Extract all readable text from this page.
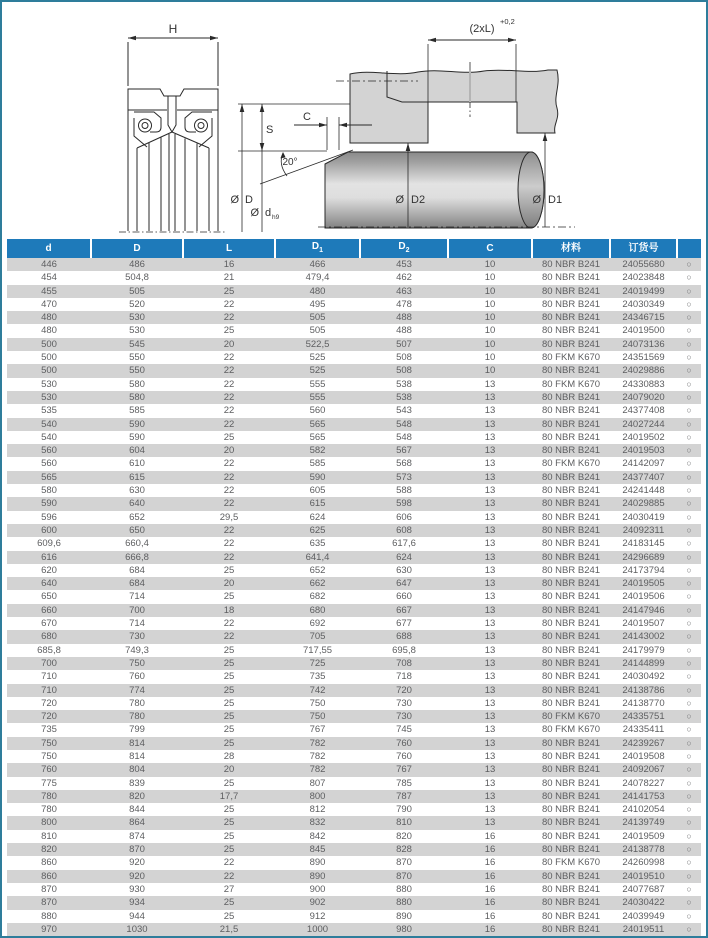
H	(2xL)
+0,2
C
S
20°
Ø D
Ø d h9
Ø D2	Ø D1
d	D	L	$D_1$	$D_2$	C	材料	订货号	
446	486	16	466	453	10	80 NBR B241	24055680	○
454	504,8	21	479,4	462	10	80 NBR B241	24023848	○
455	505	25	480	463	10	80 NBR B241	24019499	○
470	520	22	495	478	10	80 NBR B241	24030349	○
480	530	22	505	488	10	80 NBR B241	24346715	○
480	530	25	505	488	10	80 NBR B241	24019500	○
500	545	20	522,5	507	10	80 NBR B241	24073136	○
500	550	22	525	508	10	80 FKM K670	24351569	○
500	550	22	525	508	10	80 NBR B241	24029886	○
530	580	22	555	538	13	80 FKM K670	24330883	○
530	580	22	555	538	13	80 NBR B241	24079020	○
535	585	22	560	543	13	80 NBR B241	24377408	○
540	590	22	565	548	13	80 NBR B241	24027244	○
540	590	25	565	548	13	80 NBR B241	24019502	○
560	604	20	582	567	13	80 NBR B241	24019503	○
560	610	22	585	568	13	80 FKM K670	24142097	○
565	615	22	590	573	13	80 NBR B241	24377407	○
580	630	22	605	588	13	80 NBR B241	24241448	○
590	640	22	615	598	13	80 NBR B241	24029885	○
596	652	29,5	624	606	13	80 NBR B241	24030419	○
600	650	22	625	608	13	80 NBR B241	24092311	○
609,6	660,4	22	635	617,6	13	80 NBR B241	24183145	○
616	666,8	22	641,4	624	13	80 NBR B241	24296689	○
620	684	25	652	630	13	80 NBR B241	24173794	○
640	684	20	662	647	13	80 NBR B241	24019505	○
650	714	25	682	660	13	80 NBR B241	24019506	○
660	700	18	680	667	13	80 NBR B241	24147946	○
670	714	22	692	677	13	80 NBR B241	24019507	○
680	730	22	705	688	13	80 NBR B241	24143002	○
685,8	749,3	25	717,55	695,8	13	80 NBR B241	24179979	○
700	750	25	725	708	13	80 NBR B241	24144899	○
710	760	25	735	718	13	80 NBR B241	24030492	○
710	774	25	742	720	13	80 NBR B241	24138786	○
720	780	25	750	730	13	80 NBR B241	24138770	○
720	780	25	750	730	13	80 FKM K670	24335751	○
735	799	25	767	745	13	80 FKM K670	24335411	○
750	814	25	782	760	13	80 NBR B241	24239267	○
750	814	28	782	760	13	80 NBR B241	24019508	○
760	804	20	782	767	13	80 NBR B241	24092067	○
775	839	25	807	785	13	80 NBR B241	24078227	○
780	820	17,7	800	787	13	80 NBR B241	24141753	○
780	844	25	812	790	13	80 NBR B241	24102054	○
800	864	25	832	810	13	80 NBR B241	24139749	○
810	874	25	842	820	16	80 NBR B241	24019509	○
820	870	25	845	828	16	80 NBR B241	24138778	○
860	920	22	890	870	16	80 FKM K670	24260998	○
860	920	22	890	870	16	80 NBR B241	24019510	○
870	930	27	900	880	16	80 NBR B241	24077687	○
870	934	25	902	880	16	80 NBR B241	24030422	○
880	944	25	912	890	16	80 NBR B241	24039949	○
970	1030	21,5	1000	980	16	80 NBR B241	24019511	○
